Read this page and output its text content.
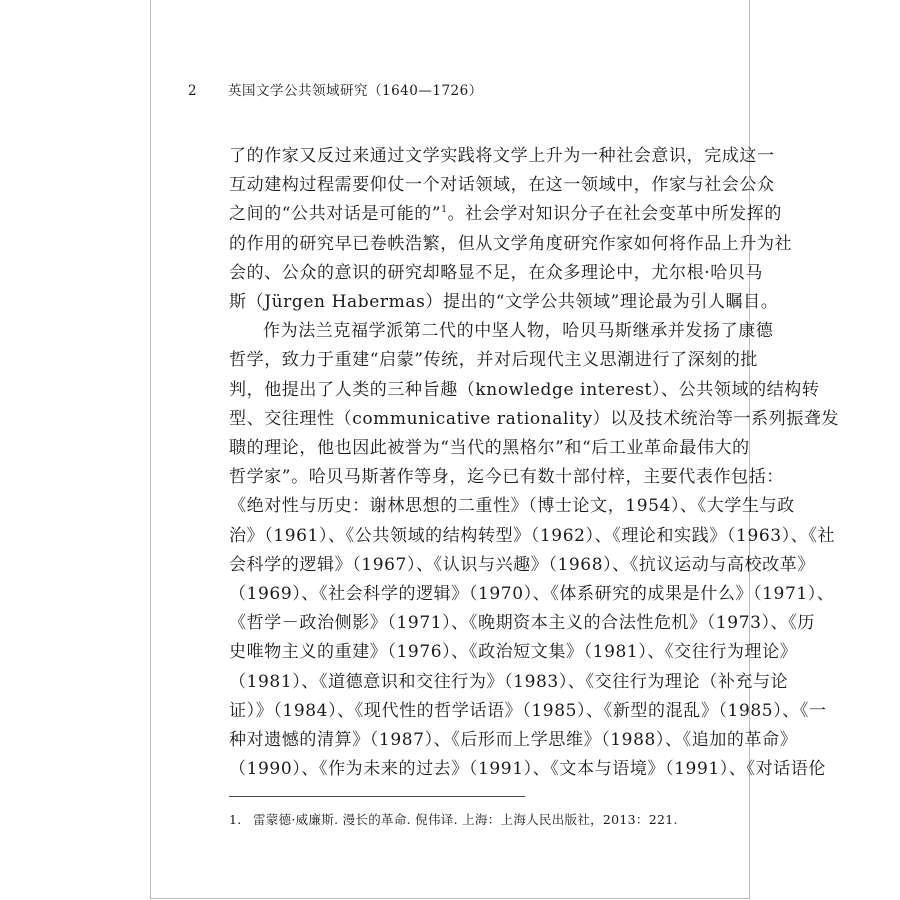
2 英国文学公共领域研究（1640—1726）
了的作家又反过来通过文学实践将文学上升为一种社会意识，完成这一
互动建构过程需要仰仗一个对话领域，在这一领域中，作家与社会公众
之间的“公共对话是可能的”$^1$。社会学对知识分子在社会变革中所发挥的
的作用的研究早已卷帙浩繁，但从文学角度研究作家如何将作品上升为社
会的、公众的意识的研究却略显不足，在众多理论中，尤尔根·哈贝马
斯（Jürgen Habermas）提出的“文学公共领域”理论最为引人瞩目。
作为法兰克福学派第二代的中坚人物，哈贝马斯继承并发扬了康德
哲学，致力于重建“启蒙”传统，并对后现代主义思潮进行了深刻的批
判，他提出了人类的三种旨趣（knowledge interest）、公共领域的结构转
型、交往理性（communicative rationality）以及技术统治等一系列振聋发
聩的理论，他也因此被誉为“当代的黑格尔”和“后工业革命最伟大的
哲学家”。哈贝马斯著作等身，迄今已有数十部付梓，主要代表作包括：
《绝对性与历史：谢林思想的二重性》（博士论文，1954）、《大学生与政
治》（1961）、《公共领域的结构转型》（1962）、《理论和实践》（1963）、《社
会科学的逻辑》（1967）、《认识与兴趣》（1968）、《抗议运动与高校改革》
（1969）、《社会科学的逻辑》（1970）、《体系研究的成果是什么》（1971）、
《哲学－政治侧影》（1971）、《晚期资本主义的合法性危机》（1973）、《历
史唯物主义的重建》（1976）、《政治短文集》（1981）、《交往行为理论》
（1981）、《道德意识和交往行为》（1983）、《交往行为理论（补充与论
证）》（1984）、《现代性的哲学话语》（1985）、《新型的混乱》（1985）、《一
种对遗憾的清算》（1987）、《后形而上学思维》（1988）、《追加的革命》
（1990）、《作为未来的过去》（1991）、《文本与语境》（1991）、《对话语伦
1. 雷蒙德·威廉斯. 漫长的革命. 倪伟译. 上海：上海人民出版社，2013：221.
